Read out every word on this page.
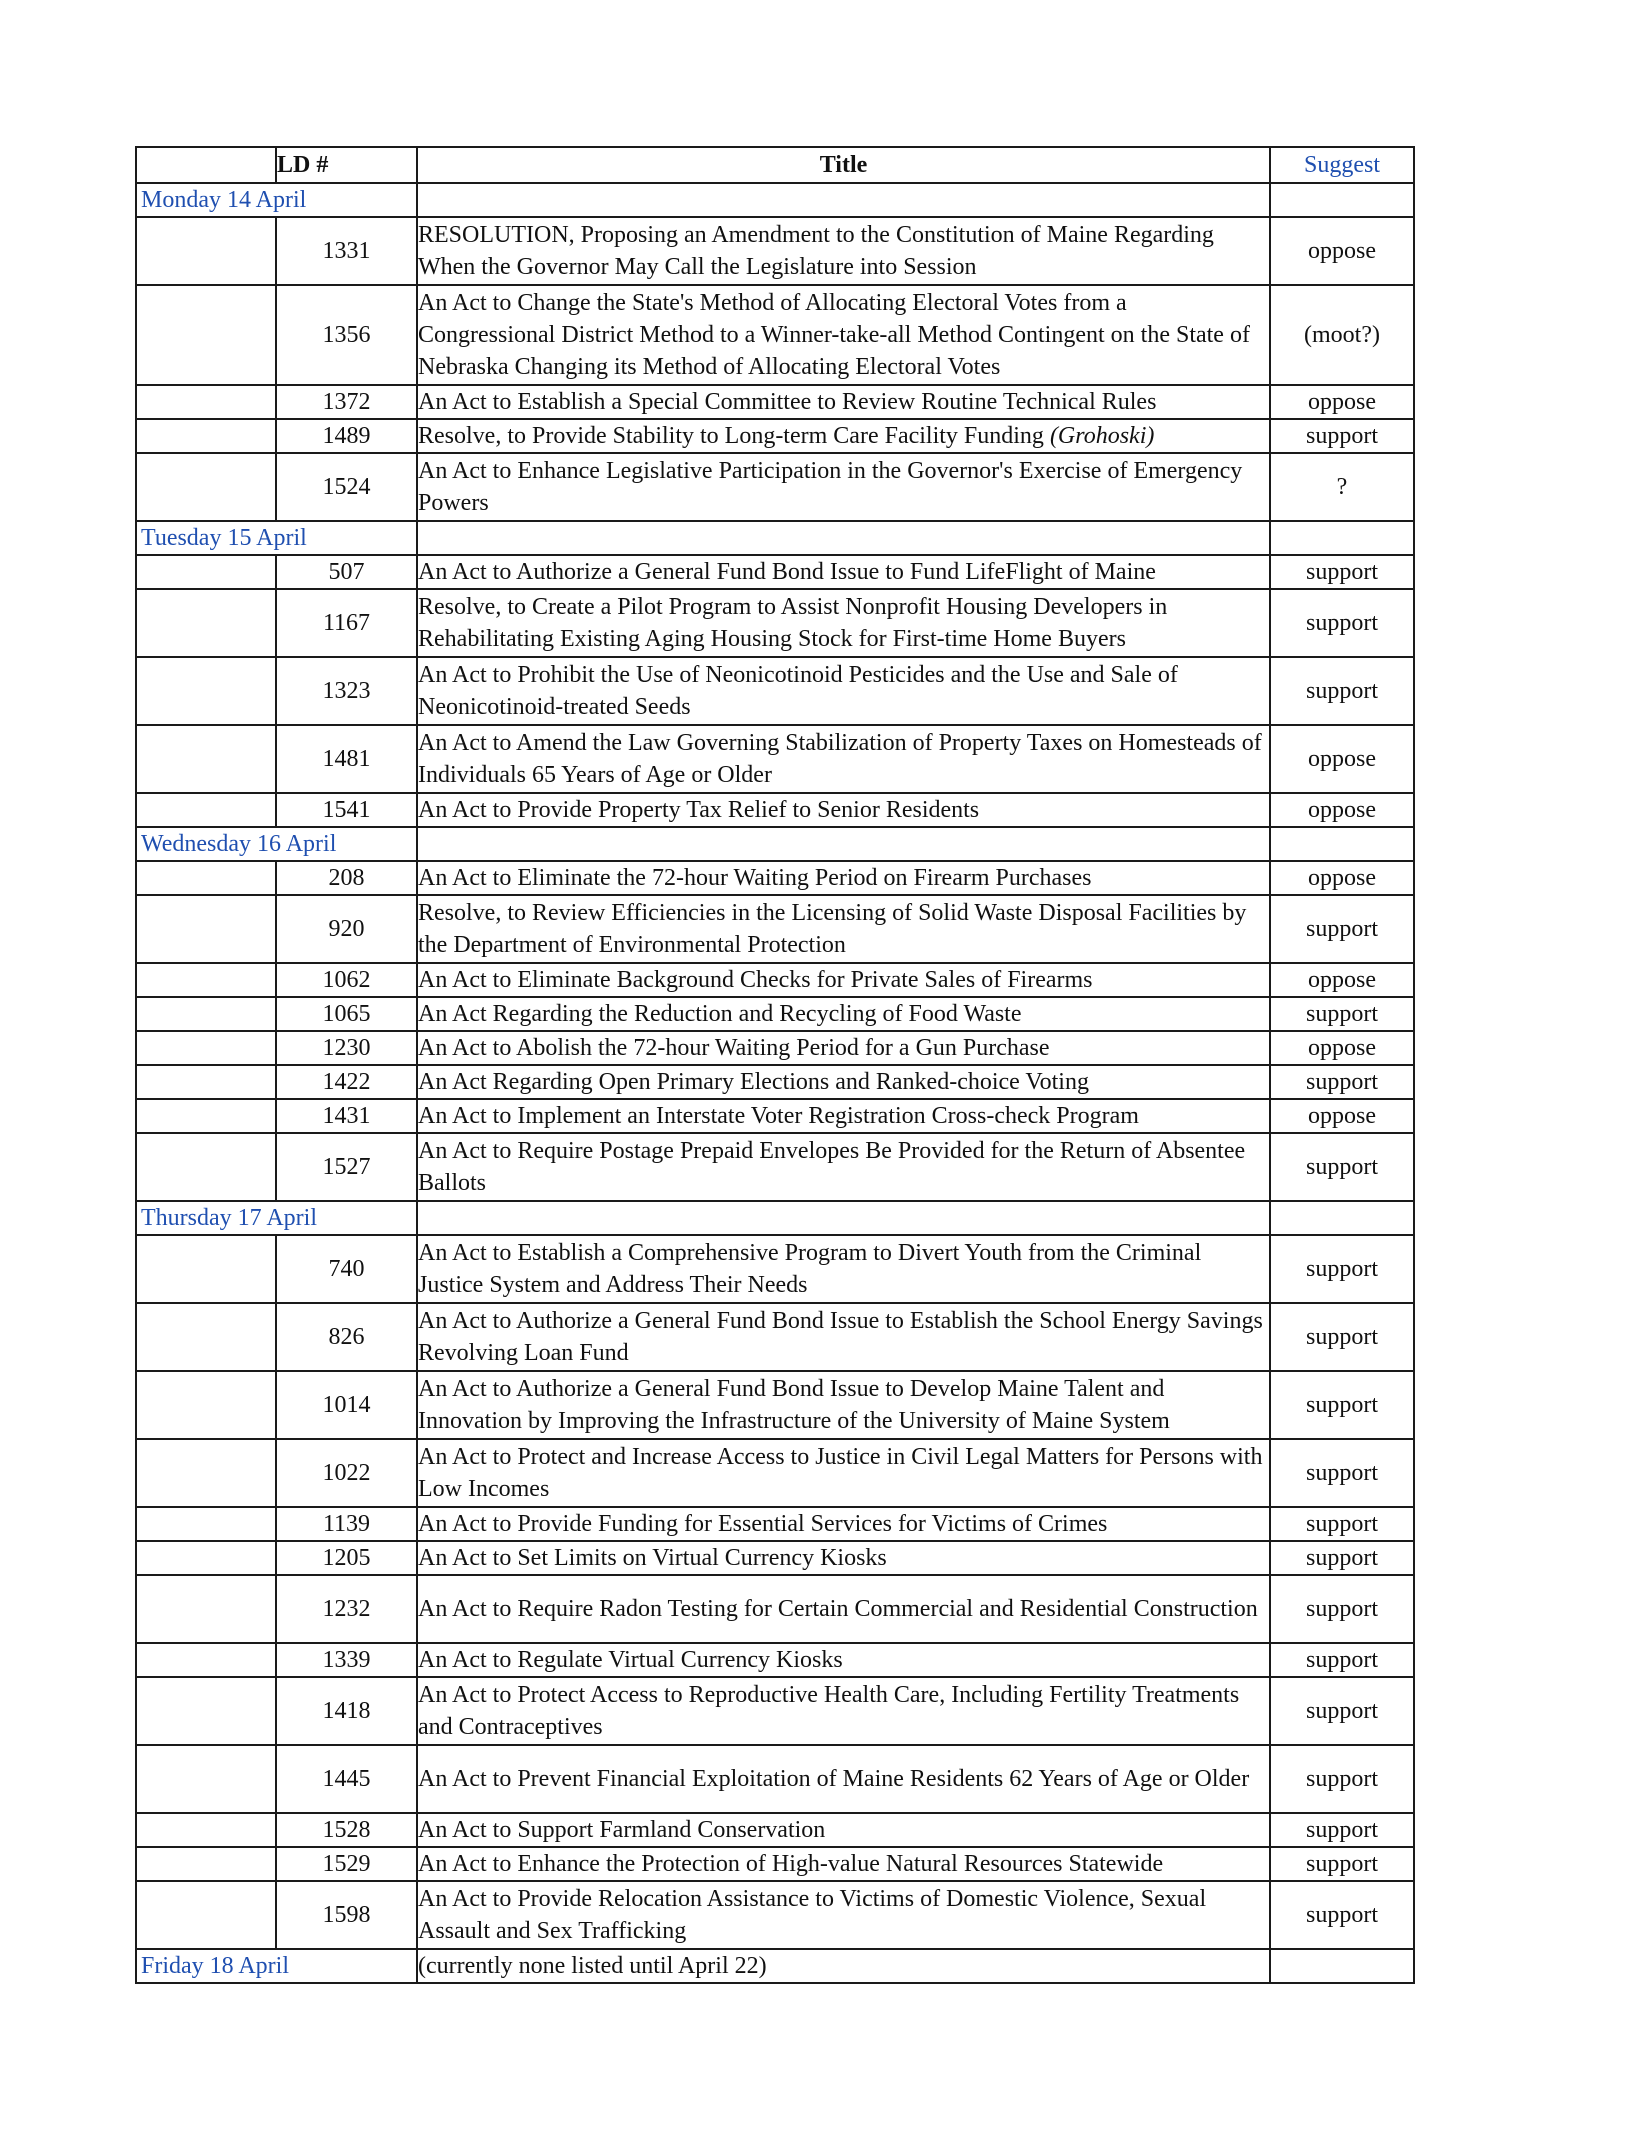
	LD #	Title	Suggest
Monday 14 April			
	1331	RESOLUTION, Proposing an Amendment to the Constitution of Maine Regarding When the Governor May Call the Legislature into Session	oppose
	1356	An Act to Change the State's Method of Allocating Electoral Votes from a Congressional District Method to a Winner-take-all Method Contingent on the State of Nebraska Changing its Method of Allocating Electoral Votes	(moot?)
	1372	An Act to Establish a Special Committee to Review Routine Technical Rules	oppose
	1489	Resolve, to Provide Stability to Long-term Care Facility Funding (Grohoski)	support
	1524	An Act to Enhance Legislative Participation in the Governor's Exercise of Emergency Powers	?
Tuesday 15 April			
	507	An Act to Authorize a General Fund Bond Issue to Fund LifeFlight of Maine	support
	1167	Resolve, to Create a Pilot Program to Assist Nonprofit Housing Developers in Rehabilitating Existing Aging Housing Stock for First-time Home Buyers	support
	1323	An Act to Prohibit the Use of Neonicotinoid Pesticides and the Use and Sale of Neonicotinoid-treated Seeds	support
	1481	An Act to Amend the Law Governing Stabilization of Property Taxes on Homesteads of Individuals 65 Years of Age or Older	oppose
	1541	An Act to Provide Property Tax Relief to Senior Residents	oppose
Wednesday 16 April			
	208	An Act to Eliminate the 72-hour Waiting Period on Firearm Purchases	oppose
	920	Resolve, to Review Efficiencies in the Licensing of Solid Waste Disposal Facilities by the Department of Environmental Protection	support
	1062	An Act to Eliminate Background Checks for Private Sales of Firearms	oppose
	1065	An Act Regarding the Reduction and Recycling of Food Waste	support
	1230	An Act to Abolish the 72-hour Waiting Period for a Gun Purchase	oppose
	1422	An Act Regarding Open Primary Elections and Ranked-choice Voting	support
	1431	An Act to Implement an Interstate Voter Registration Cross-check Program	oppose
	1527	An Act to Require Postage Prepaid Envelopes Be Provided for the Return of Absentee Ballots	support
Thursday 17 April			
	740	An Act to Establish a Comprehensive Program to Divert Youth from the Criminal Justice System and Address Their Needs	support
	826	An Act to Authorize a General Fund Bond Issue to Establish the School Energy Savings Revolving Loan Fund	support
	1014	An Act to Authorize a General Fund Bond Issue to Develop Maine Talent and Innovation by Improving the Infrastructure of the University of Maine System	support
	1022	An Act to Protect and Increase Access to Justice in Civil Legal Matters for Persons with Low Incomes	support
	1139	An Act to Provide Funding for Essential Services for Victims of Crimes	support
	1205	An Act to Set Limits on Virtual Currency Kiosks	support
	1232	An Act to Require Radon Testing for Certain Commercial and Residential Construction	support
	1339	An Act to Regulate Virtual Currency Kiosks	support
	1418	An Act to Protect Access to Reproductive Health Care, Including Fertility Treatments and Contraceptives	support
	1445	An Act to Prevent Financial Exploitation of Maine Residents 62 Years of Age or Older	support
	1528	An Act to Support Farmland Conservation	support
	1529	An Act to Enhance the Protection of High-value Natural Resources Statewide	support
	1598	An Act to Provide Relocation Assistance to Victims of Domestic Violence, Sexual Assault and Sex Trafficking	support
Friday 18 April		(currently none listed until April 22)	
